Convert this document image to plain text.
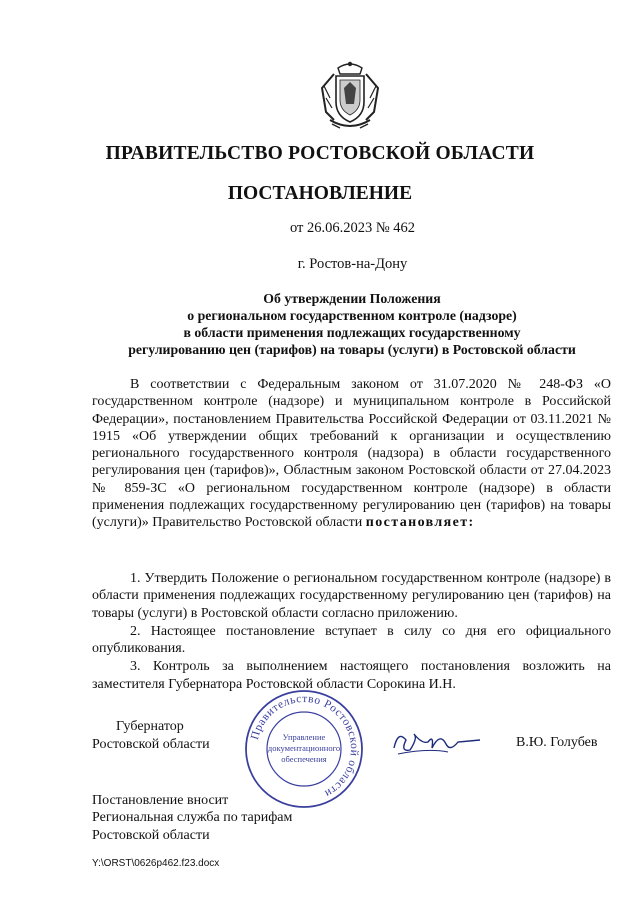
ПРАВИТЕЛЬСТВО РОСТОВСКОЙ ОБЛАСТИ
ПОСТАНОВЛЕНИЕ
от 26.06.2023 № 462
г. Ростов-на-Дону
Об утверждении Положения
о региональном государственном контроле (надзоре)
в области применения подлежащих государственному
регулированию цен (тарифов) на товары (услуги) в Ростовской области

В соответствии с Федеральным законом от 31.07.2020 № 248-ФЗ «О государственном контроле (надзоре) и муниципальном контроле в Российской Федерации», постановлением Правительства Российской Федерации от 03.11.2021 № 1915 «Об утверждении общих требований к организации и осуществлению регионального государственного контроля (надзора) в области государственного регулирования цен (тарифов)», Областным законом Ростовской области от 27.04.2023 № 859-ЗС «О региональном государственном контроле (надзоре) в области применения подлежащих государственному регулированию цен (тарифов) на товары (услуги)» Правительство Ростовской области постановляет:

1. Утвердить Положение о региональном государственном контроле (надзоре) в области применения подлежащих государственному регулированию цен (тарифов) на товары (услуги) в Ростовской области согласно приложению.

2. Настоящее постановление вступает в силу со дня его официального опубликования.

3. Контроль за выполнением настоящего постановления возложить на заместителя Губернатора Ростовской области Сорокина И.Н.

Губернатор
Ростовской области
Правительство Ростовской области
Управление
документационного
обеспечения
В.Ю. Голубев
Постановление вносит
Региональная служба по тарифам
Ростовской области
Y:\ORST\0626p462.f23.docx
